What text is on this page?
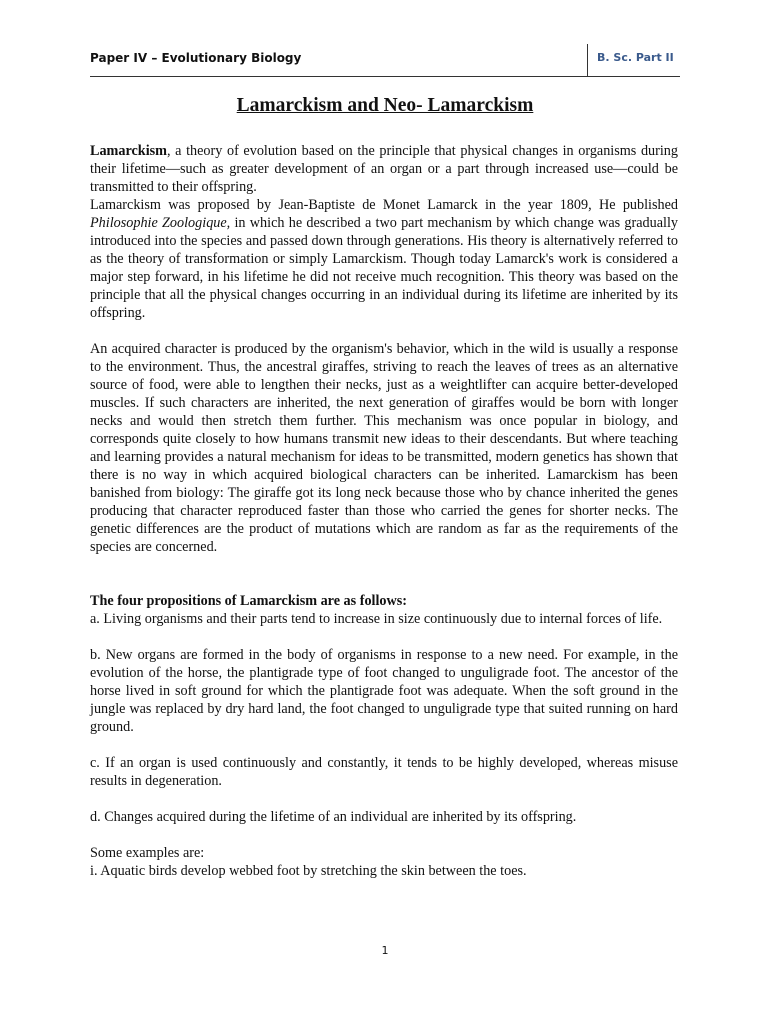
Paper IV – Evolutionary Biology	B. Sc. Part II
Lamarckism and Neo- Lamarckism

Lamarckism, a theory of evolution based on the principle that physical changes in organisms during their lifetime—such as greater development of an organ or a part through increased use—could be transmitted to their offspring.

Lamarckism was proposed by Jean-Baptiste de Monet Lamarck in the year 1809, He published Philosophie Zoologique, in which he described a two part mechanism by which change was gradually introduced into the species and passed down through generations. His theory is alternatively referred to as the theory of transformation or simply Lamarckism. Though today Lamarck's work is considered a major step forward, in his lifetime he did not receive much recognition. This theory was based on the principle that all the physical changes occurring in an individual during its lifetime are inherited by its offspring.

An acquired character is produced by the organism's behavior, which in the wild is usually a response to the environment. Thus, the ancestral giraffes, striving to reach the leaves of trees as an alternative source of food, were able to lengthen their necks, just as a weightlifter can acquire better-developed muscles. If such characters are inherited, the next generation of giraffes would be born with longer necks and would then stretch them further. This mechanism was once popular in biology, and corresponds quite closely to how humans transmit new ideas to their descendants. But where teaching and learning provides a natural mechanism for ideas to be transmitted, modern genetics has shown that there is no way in which acquired biological characters can be inherited. Lamarckism has been banished from biology: The giraffe got its long neck because those who by chance inherited the genes producing that character reproduced faster than those who carried the genes for shorter necks. The genetic differences are the product of mutations which are random as far as the requirements of the species are concerned.

The four propositions of Lamarckism are as follows:

a. Living organisms and their parts tend to increase in size continuously due to internal forces of life.

b. New organs are formed in the body of organisms in response to a new need. For example, in the evolution of the horse, the plantigrade type of foot changed to unguligrade foot. The ancestor of the horse lived in soft ground for which the plantigrade foot was adequate. When the soft ground in the jungle was replaced by dry hard land, the foot changed to unguligrade type that suited running on hard ground.

c. If an organ is used continuously and constantly, it tends to be highly developed, whereas misuse results in degeneration.

d. Changes acquired during the lifetime of an individual are inherited by its offspring.

Some examples are:

i. Aquatic birds develop webbed foot by stretching the skin between the toes.

1
